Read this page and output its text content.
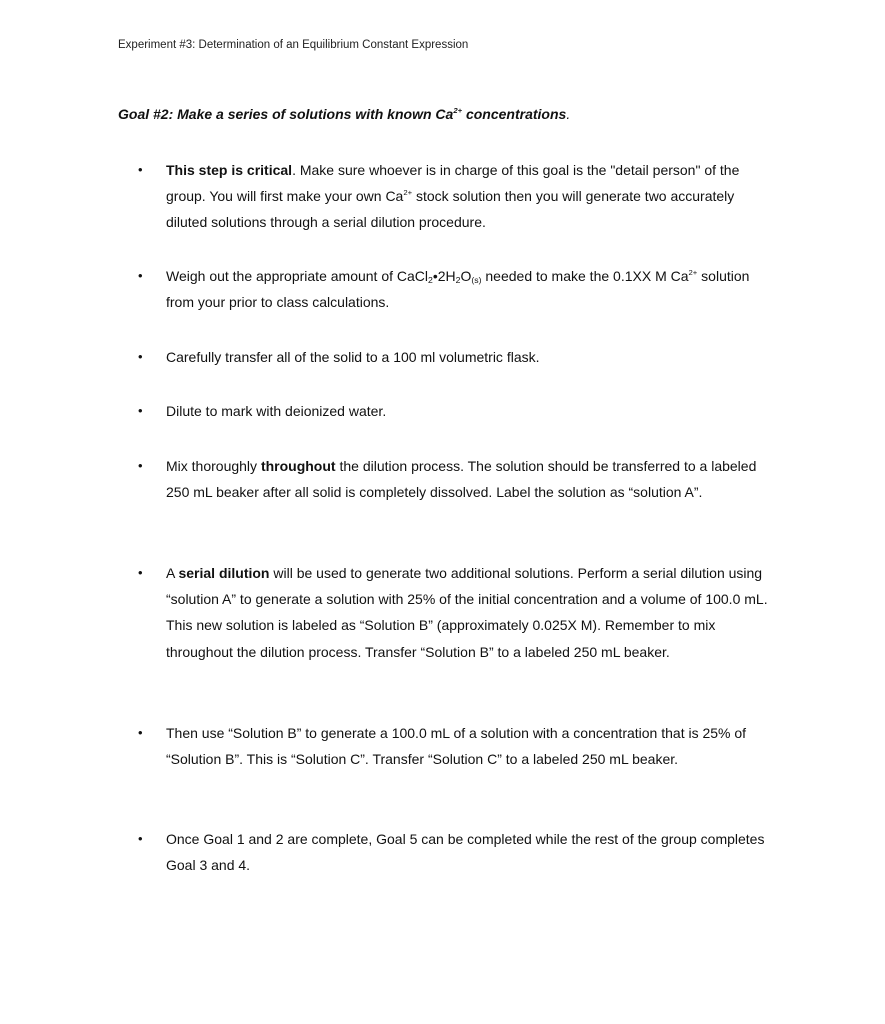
Experiment #3: Determination of an Equilibrium Constant Expression
Goal #2: Make a series of solutions with known $Ca^{2+}$ concentrations.
•	This step is critical. Make sure whoever is in charge of this goal is the "detail person" of the group. You will first make your own $Ca^{2+}$ stock solution then you will generate two accurately diluted solutions through a serial dilution procedure.
•	Weigh out the appropriate amount of $CaCl_2•2H_2O_{(s)}$ needed to make the 0.1XX M $Ca^{2+}$ solution from your prior to class calculations.
•	Carefully transfer all of the solid to a 100 ml volumetric flask.
•	Dilute to mark with deionized water.
•	Mix thoroughly throughout the dilution process. The solution should be transferred to a labeled 250 mL beaker after all solid is completely dissolved. Label the solution as “solution A”.
•	A serial dilution will be used to generate two additional solutions. Perform a serial dilution using “solution A” to generate a solution with 25% of the initial concentration and a volume of 100.0 mL. This new solution is labeled as “Solution B” (approximately 0.025X M). Remember to mix throughout the dilution process. Transfer “Solution B” to a labeled 250 mL beaker.
•	Then use “Solution B” to generate a 100.0 mL of a solution with a concentration that is 25% of “Solution B”. This is “Solution C”. Transfer “Solution C” to a labeled 250 mL beaker.
•	Once Goal 1 and 2 are complete, Goal 5 can be completed while the rest of the group completes Goal 3 and 4.
